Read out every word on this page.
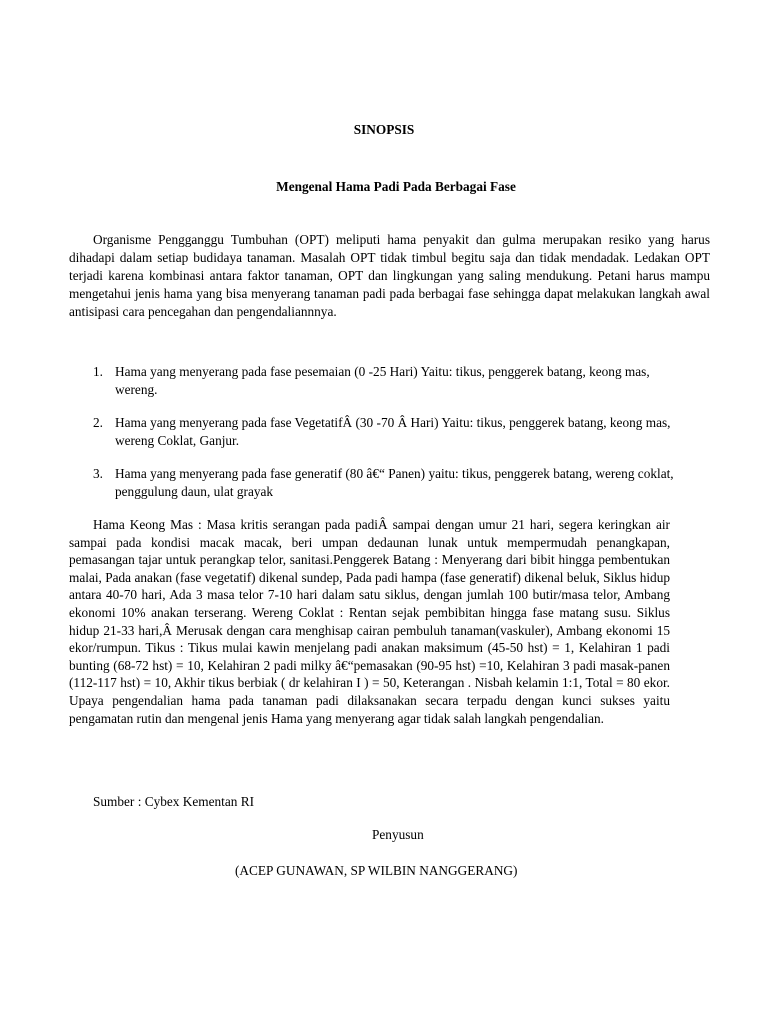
SINOPSIS
Mengenal Hama Padi Pada Berbagai Fase
Organisme Pengganggu Tumbuhan (OPT) meliputi hama penyakit dan gulma merupakan resiko yang harus dihadapi dalam setiap budidaya tanaman. Masalah OPT tidak timbul begitu saja dan tidak mendadak. Ledakan OPT terjadi karena kombinasi antara faktor tanaman, OPT dan lingkungan yang saling mendukung. Petani harus mampu mengetahui jenis hama yang bisa menyerang tanaman padi pada berbagai fase sehingga dapat melakukan langkah awal antisipasi cara pencegahan dan pengendaliannnya.
1. Hama yang menyerang pada fase pesemaian (0 -25 Hari) Yaitu: tikus, penggerek batang, keong mas, wereng.
2. Hama yang menyerang pada fase VegetatifÂ (30 -70 Â Hari) Yaitu: tikus, penggerek batang, keong mas, wereng Coklat, Ganjur.
3. Hama yang menyerang pada fase generatif (80 â€“ Panen) yaitu: tikus, penggerek batang, wereng coklat, penggulung daun, ulat grayak
Hama Keong Mas : Masa kritis serangan pada padiÂ sampai dengan umur 21 hari, segera keringkan air sampai pada kondisi macak macak, beri umpan dedaunan lunak untuk mempermudah penangkapan, pemasangan tajar untuk perangkap telor, sanitasi.Penggerek Batang : Menyerang dari bibit hingga pembentukan malai, Pada anakan (fase vegetatif) dikenal sundep, Pada padi hampa (fase generatif) dikenal beluk, Siklus hidup antara 40-70 hari, Ada 3 masa telor 7-10 hari dalam satu siklus, dengan jumlah 100 butir/masa telor, Ambang ekonomi 10% anakan terserang. Wereng Coklat : Rentan sejak pembibitan hingga fase matang susu. Siklus hidup 21-33 hari,Â Merusak dengan cara menghisap cairan pembuluh tanaman(vaskuler), Ambang ekonomi 15 ekor/rumpun. Tikus : Tikus mulai kawin menjelang padi anakan maksimum (45-50 hst) = 1, Kelahiran 1 padi bunting (68-72 hst) = 10, Kelahiran 2 padi milky â€“pemasakan (90-95 hst) =10, Kelahiran 3 padi masak-panen (112-117 hst) = 10, Akhir tikus berbiak ( dr kelahiran I ) = 50, Keterangan . Nisbah kelamin 1:1, Total = 80 ekor. Upaya pengendalian hama pada tanaman padi dilaksanakan secara terpadu dengan kunci sukses yaitu pengamatan rutin dan mengenal jenis Hama yang menyerang agar tidak salah langkah pengendalian.
Sumber : Cybex Kementan RI
Penyusun
(ACEP GUNAWAN, SP WILBIN NANGGERANG)
